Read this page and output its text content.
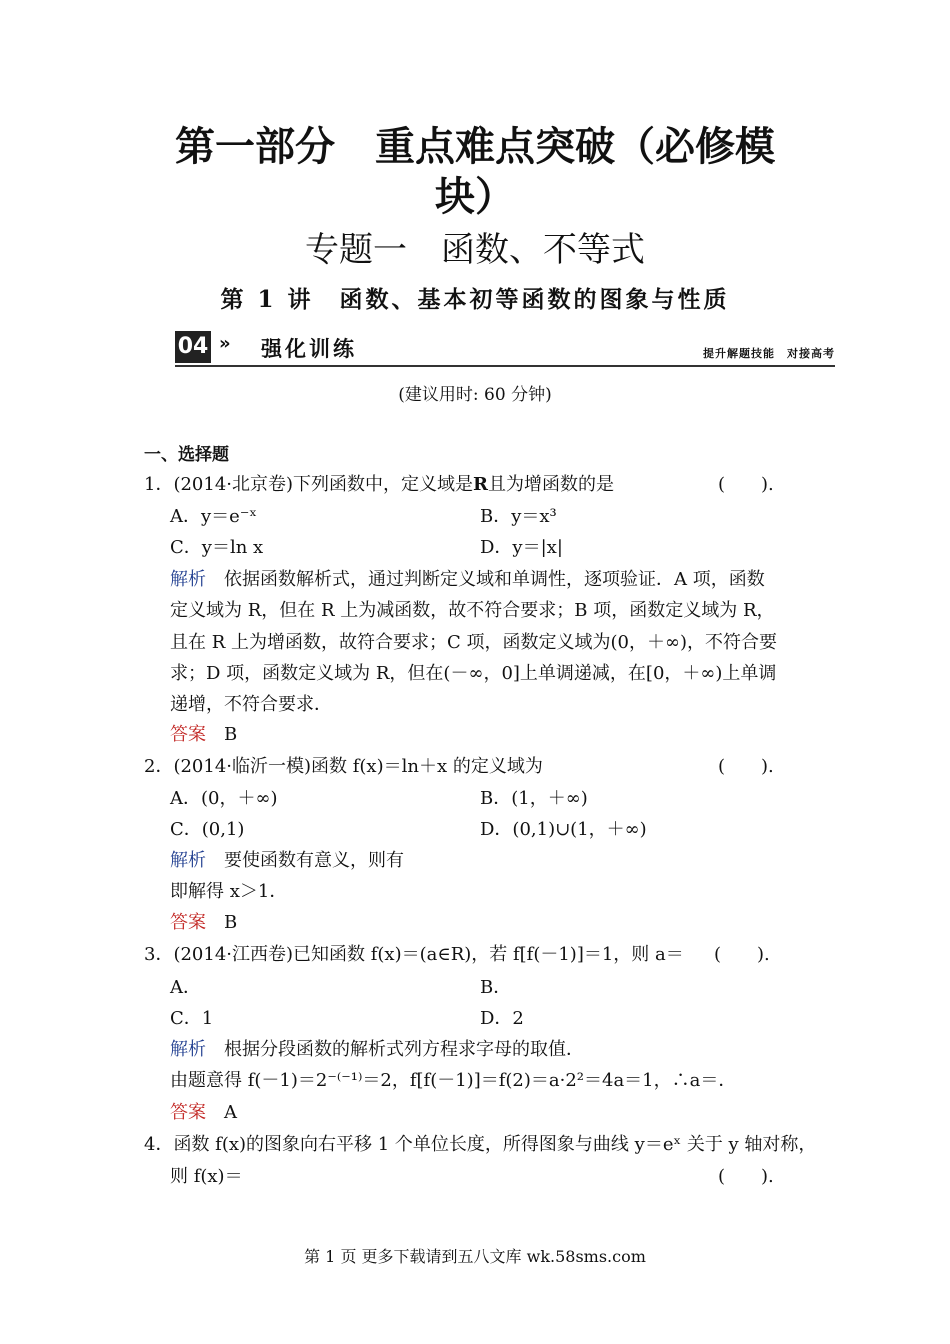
第一部分　重点难点突破（必修模
块）
专题一　函数、不等式
第 1 讲　函数、基本初等函数的图象与性质
04 » 强化训练	提升解题技能　对接高考
(建议用时: 60 分钟)
一、选择题
1．(2014·北京卷)下列函数中，定义域是R且为增函数的是	(　　).
A．y＝e⁻ˣ	B．y＝x³
C．y＝ln x	D．y＝|x|
解析　 依据函数解析式，通过判断定义域和单调性，逐项验证．A 项，函数
定义域为 R，但在 R 上为减函数，故不符合要求；B 项，函数定义域为 R，
且在 R 上为增函数，故符合要求；C 项，函数定义域为(0，＋∞)，不符合要
求；D 项，函数定义域为 R，但在(－∞，0]上单调递减，在[0，＋∞)上单调
递增，不符合要求．
答案　 B
2．(2014·临沂一模)函数 f(x)＝ln＋x 的定义域为	(　　).
A．(0，＋∞)	B．(1，＋∞)
C．(0,1)	D．(0,1)∪(1，＋∞)
解析　 要使函数有意义，则有
即解得 x＞1．
答案　 B
3．(2014·江西卷)已知函数 f(x)＝(a∈R)，若 f[f(－1)]＝1，则 a＝ (　　).
A．	B．
C．1	D．2
解析　 根据分段函数的解析式列方程求字母的取值．
由题意得 f(－1)＝2⁻⁽⁻¹⁾＝2，f[f(－1)]＝f(2)＝a·2²＝4a＝1，∴a＝．
答案　 A
4．函数 f(x)的图象向右平移 1 个单位长度，所得图象与曲线 y＝eˣ 关于 y 轴对称，
则 f(x)＝	(　　).
第 1 页 更多下载请到五八文库 wk.58sms.com
